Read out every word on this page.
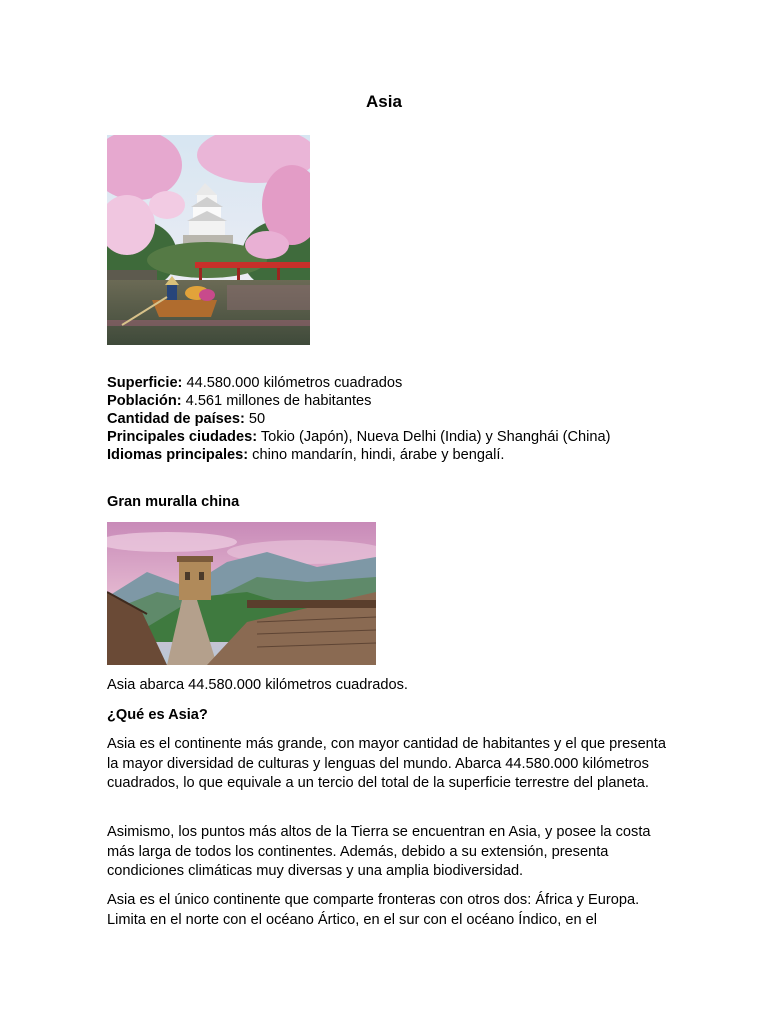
Asia
Superficie: 44.580.000 kilómetros cuadrados
Población: 4.561 millones de habitantes
Cantidad de países: 50
Principales ciudades: Tokio (Japón), Nueva Delhi (India) y Shanghái (China)
Idiomas principales: chino mandarín, hindi, árabe y bengalí.
Gran muralla china

Asia abarca 44.580.000 kilómetros cuadrados.

¿Qué es Asia?

Asia es el continente más grande, con mayor cantidad de habitantes y el que presenta la mayor diversidad de culturas y lenguas del mundo. Abarca 44.580.000 kilómetros cuadrados, lo que equivale a un tercio del total de la superficie terrestre del planeta.

Asimismo, los puntos más altos de la Tierra se encuentran en Asia, y posee la costa más larga de todos los continentes. Además, debido a su extensión, presenta condiciones climáticas muy diversas y una amplia biodiversidad.

Asia es el único continente que comparte fronteras con otros dos: África y Europa. Limita en el norte con el océano Ártico, en el sur con el océano Índico, en el
